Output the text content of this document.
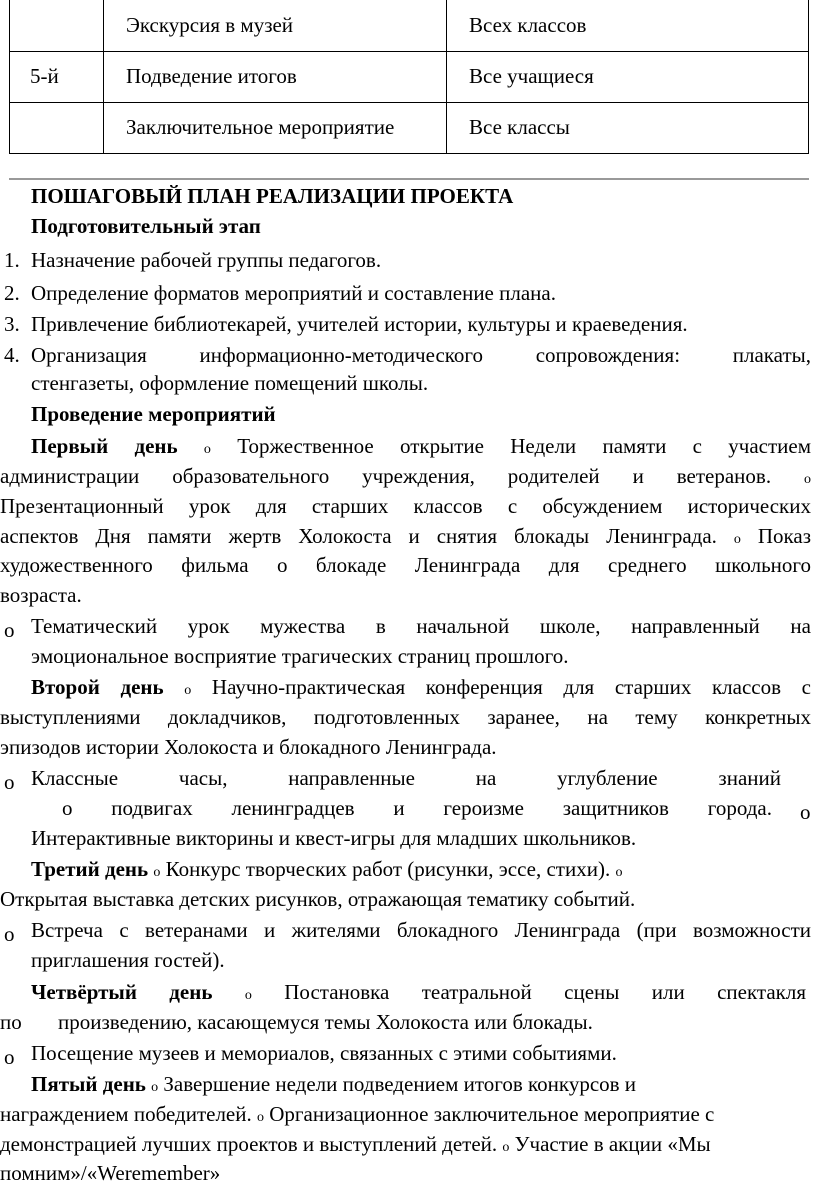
	Экскурсия в музей	Всех классов
5-й	Подведение итогов	Все учащиеся
	Заключительное мероприятие	Все классы
ПОШАГОВЫЙ ПЛАН РЕАЛИЗАЦИИ ПРОЕКТА
Подготовительный этап
1. Назначение рабочей группы педагогов.
2. Определение форматов мероприятий и составление плана.
3. Привлечение библиотекарей, учителей истории, культуры и краеведения.
4. Организация информационно-методического сопровождения: плакаты,
стенгазеты, оформление помещений школы.
Проведение мероприятий
Первый день o Торжественное открытие Недели памяти с участием
администрации образовательного учреждения, родителей и ветеранов. o
Презентационный урок для старших классов с обсуждением исторических
аспектов Дня памяти жертв Холокоста и снятия блокады Ленинграда. o Показ
художественного фильма о блокаде Ленинграда для среднего школьного
возраста.
o Тематический урок мужества в начальной школе, направленный на
эмоциональное восприятие трагических страниц прошлого.
Второй день o Научно-практическая конференция для старших классов с
выступлениями докладчиков, подготовленных заранее, на тему конкретных
эпизодов истории Холокоста и блокадного Ленинграда.
o Классные часы, направленные на углубление знаний
о подвигах ленинградцев и героизме защитников города. o
Интерактивные викторины и квест-игры для младших школьников.
Третий день o Конкурс творческих работ (рисунки, эссе, стихи). o
Открытая выставка детских рисунков, отражающая тематику событий.
o Встреча с ветеранами и жителями блокадного Ленинграда (при возможности
приглашения гостей).
Четвёртый день o Постановка театральной сцены или спектакля
по произведению, касающемуся темы Холокоста или блокады.
o Посещение музеев и мемориалов, связанных с этими событиями.
Пятый день o Завершение недели подведением итогов конкурсов и
награждением победителей. o Организационное заключительное мероприятие с
демонстрацией лучших проектов и выступлений детей. o Участие в акции «Мы
помним»/«Weremember»
